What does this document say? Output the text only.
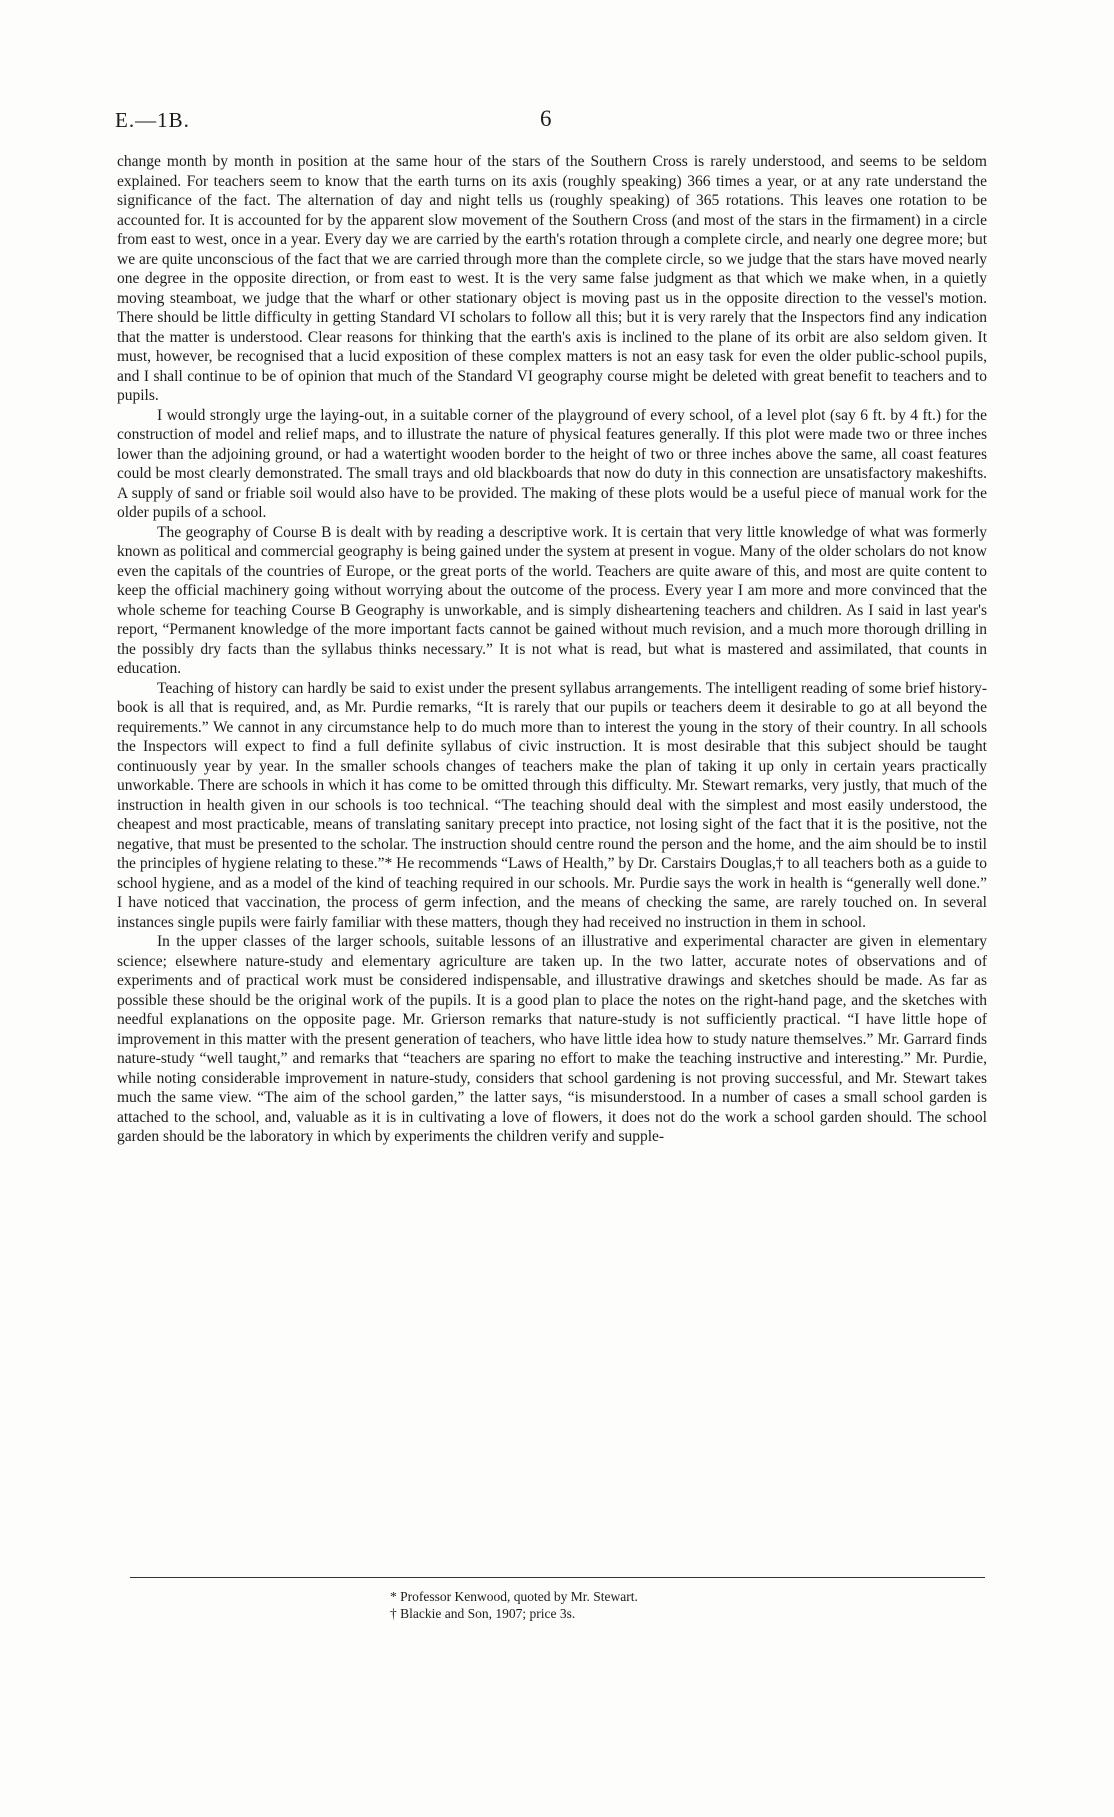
E.—1B.	6

change month by month in position at the same hour of the stars of the Southern Cross is rarely understood, and seems to be seldom explained. For teachers seem to know that the earth turns on its axis (roughly speaking) 366 times a year, or at any rate understand the significance of the fact. The alternation of day and night tells us (roughly speaking) of 365 rotations. This leaves one rotation to be accounted for. It is accounted for by the apparent slow movement of the Southern Cross (and most of the stars in the firmament) in a circle from east to west, once in a year. Every day we are carried by the earth's rotation through a complete circle, and nearly one degree more; but we are quite unconscious of the fact that we are carried through more than the complete circle, so we judge that the stars have moved nearly one degree in the opposite direction, or from east to west. It is the very same false judgment as that which we make when, in a quietly moving steamboat, we judge that the wharf or other stationary object is moving past us in the opposite direction to the vessel's motion. There should be little difficulty in getting Standard VI scholars to follow all this; but it is very rarely that the Inspectors find any indication that the matter is understood. Clear reasons for thinking that the earth's axis is inclined to the plane of its orbit are also seldom given. It must, however, be recognised that a lucid exposition of these complex matters is not an easy task for even the older public-school pupils, and I shall continue to be of opinion that much of the Standard VI geography course might be deleted with great benefit to teachers and to pupils.

I would strongly urge the laying-out, in a suitable corner of the playground of every school, of a level plot (say 6 ft. by 4 ft.) for the construction of model and relief maps, and to illustrate the nature of physical features generally. If this plot were made two or three inches lower than the adjoining ground, or had a watertight wooden border to the height of two or three inches above the same, all coast features could be most clearly demonstrated. The small trays and old blackboards that now do duty in this connection are unsatisfactory makeshifts. A supply of sand or friable soil would also have to be provided. The making of these plots would be a useful piece of manual work for the older pupils of a school.

The geography of Course B is dealt with by reading a descriptive work. It is certain that very little knowledge of what was formerly known as political and commercial geography is being gained under the system at present in vogue. Many of the older scholars do not know even the capitals of the countries of Europe, or the great ports of the world. Teachers are quite aware of this, and most are quite content to keep the official machinery going without worrying about the outcome of the process. Every year I am more and more convinced that the whole scheme for teaching Course B Geography is unworkable, and is simply disheartening teachers and children. As I said in last year's report, “Permanent knowledge of the more important facts cannot be gained without much revision, and a much more thorough drilling in the possibly dry facts than the syllabus thinks necessary.” It is not what is read, but what is mastered and assimilated, that counts in education.

Teaching of history can hardly be said to exist under the present syllabus arrangements. The intelligent reading of some brief history-book is all that is required, and, as Mr. Purdie remarks, “It is rarely that our pupils or teachers deem it desirable to go at all beyond the requirements.” We cannot in any circumstance help to do much more than to interest the young in the story of their country. In all schools the Inspectors will expect to find a full definite syllabus of civic instruction. It is most desirable that this subject should be taught continuously year by year. In the smaller schools changes of teachers make the plan of taking it up only in certain years practically unworkable. There are schools in which it has come to be omitted through this difficulty. Mr. Stewart remarks, very justly, that much of the instruction in health given in our schools is too technical. “The teaching should deal with the simplest and most easily understood, the cheapest and most practicable, means of translating sanitary precept into practice, not losing sight of the fact that it is the positive, not the negative, that must be presented to the scholar. The instruction should centre round the person and the home, and the aim should be to instil the principles of hygiene relating to these.”* He recommends “Laws of Health,” by Dr. Carstairs Douglas,† to all teachers both as a guide to school hygiene, and as a model of the kind of teaching required in our schools. Mr. Purdie says the work in health is “generally well done.” I have noticed that vaccination, the process of germ infection, and the means of checking the same, are rarely touched on. In several instances single pupils were fairly familiar with these matters, though they had received no instruction in them in school.

In the upper classes of the larger schools, suitable lessons of an illustrative and experimental character are given in elementary science; elsewhere nature-study and elementary agriculture are taken up. In the two latter, accurate notes of observations and of experiments and of practical work must be considered indispensable, and illustrative drawings and sketches should be made. As far as possible these should be the original work of the pupils. It is a good plan to place the notes on the right-hand page, and the sketches with needful explanations on the opposite page. Mr. Grierson remarks that nature-study is not sufficiently practical. “I have little hope of improvement in this matter with the present generation of teachers, who have little idea how to study nature themselves.” Mr. Garrard finds nature-study “well taught,” and remarks that “teachers are sparing no effort to make the teaching instructive and interesting.” Mr. Purdie, while noting considerable improvement in nature-study, considers that school gardening is not proving successful, and Mr. Stewart takes much the same view. “The aim of the school garden,” the latter says, “is misunderstood. In a number of cases a small school garden is attached to the school, and, valuable as it is in cultivating a love of flowers, it does not do the work a school garden should. The school garden should be the laboratory in which by experiments the children verify and supple-

* Professor Kenwood, quoted by Mr. Stewart.
† Blackie and Son, 1907; price 3s.
